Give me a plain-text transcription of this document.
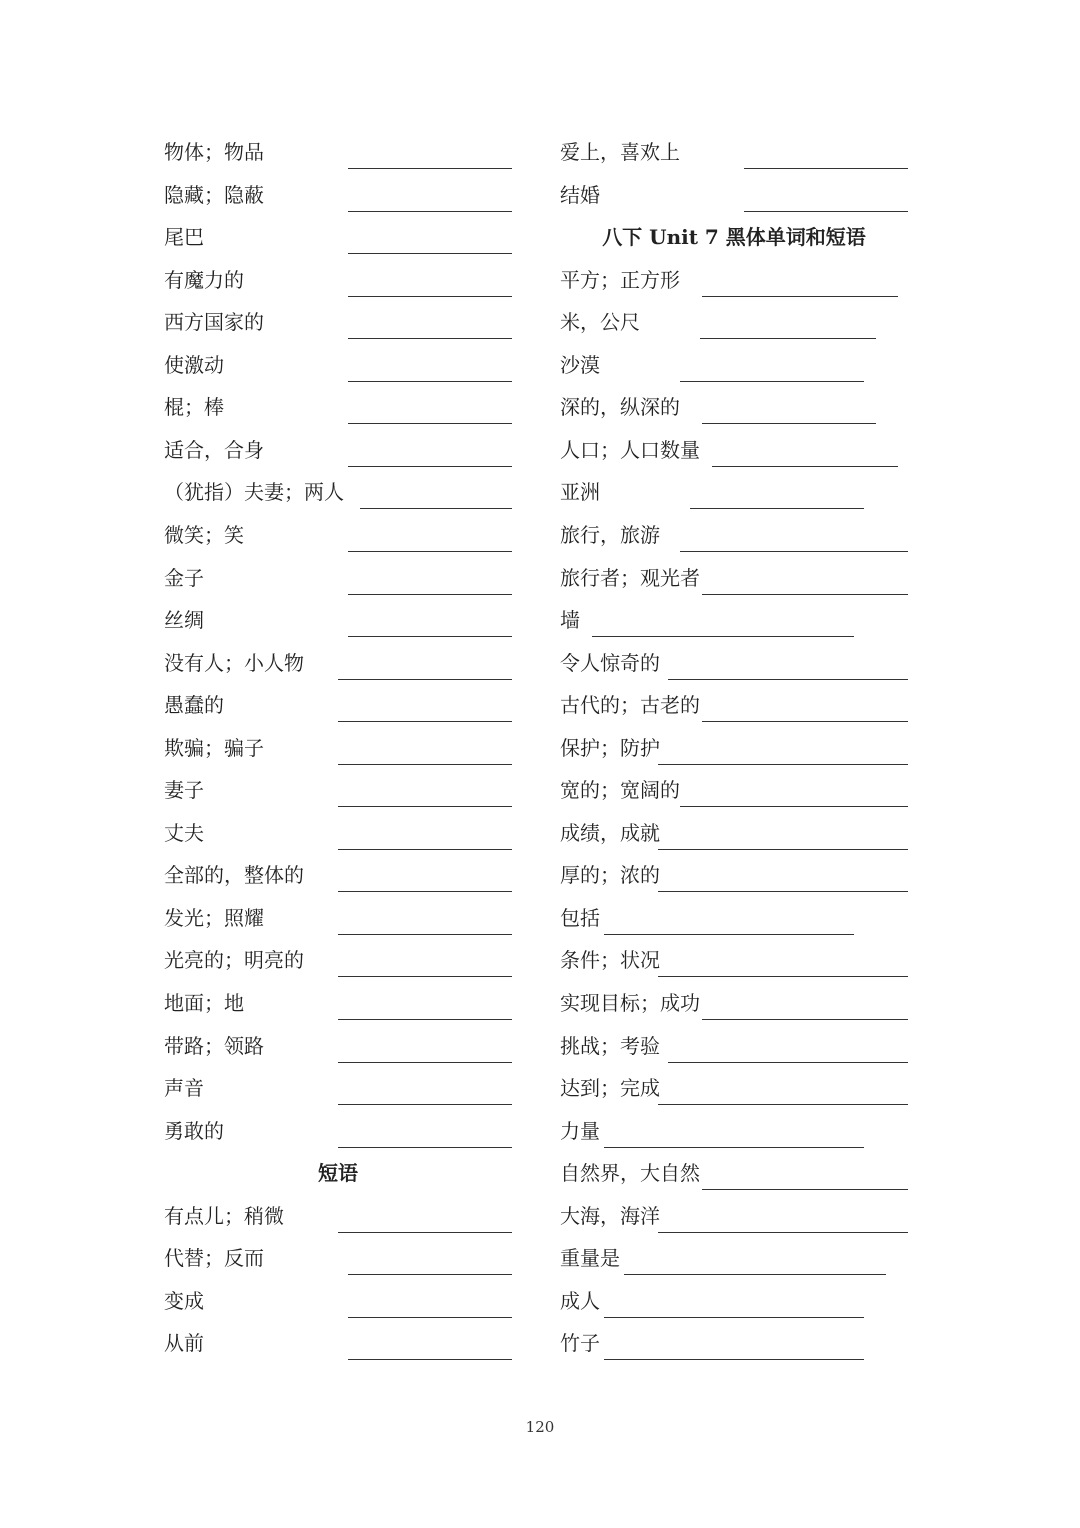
物体；物品
隐藏；隐蔽
尾巴
有魔力的
西方国家的
使激动
棍；棒
适合，合身
（犹指）夫妻；两人
微笑；笑
金子
丝绸
没有人；小人物
愚蠢的
欺骗；骗子
妻子
丈夫
全部的，整体的
发光；照耀
光亮的；明亮的
地面；地
带路；领路
声音
勇敢的
短语
有点儿；稍微
代替；反而
变成
从前
爱上，喜欢上
结婚
八下 Unit 7 黑体单词和短语
平方；正方形
米，公尺
沙漠
深的，纵深的
人口；人口数量
亚洲
旅行，旅游
旅行者；观光者
墙
令人惊奇的
古代的；古老的
保护；防护
宽的；宽阔的
成绩，成就
厚的；浓的
包括
条件；状况
实现目标；成功
挑战；考验
达到；完成
力量
自然界，大自然
大海，海洋
重量是
成人
竹子
120
